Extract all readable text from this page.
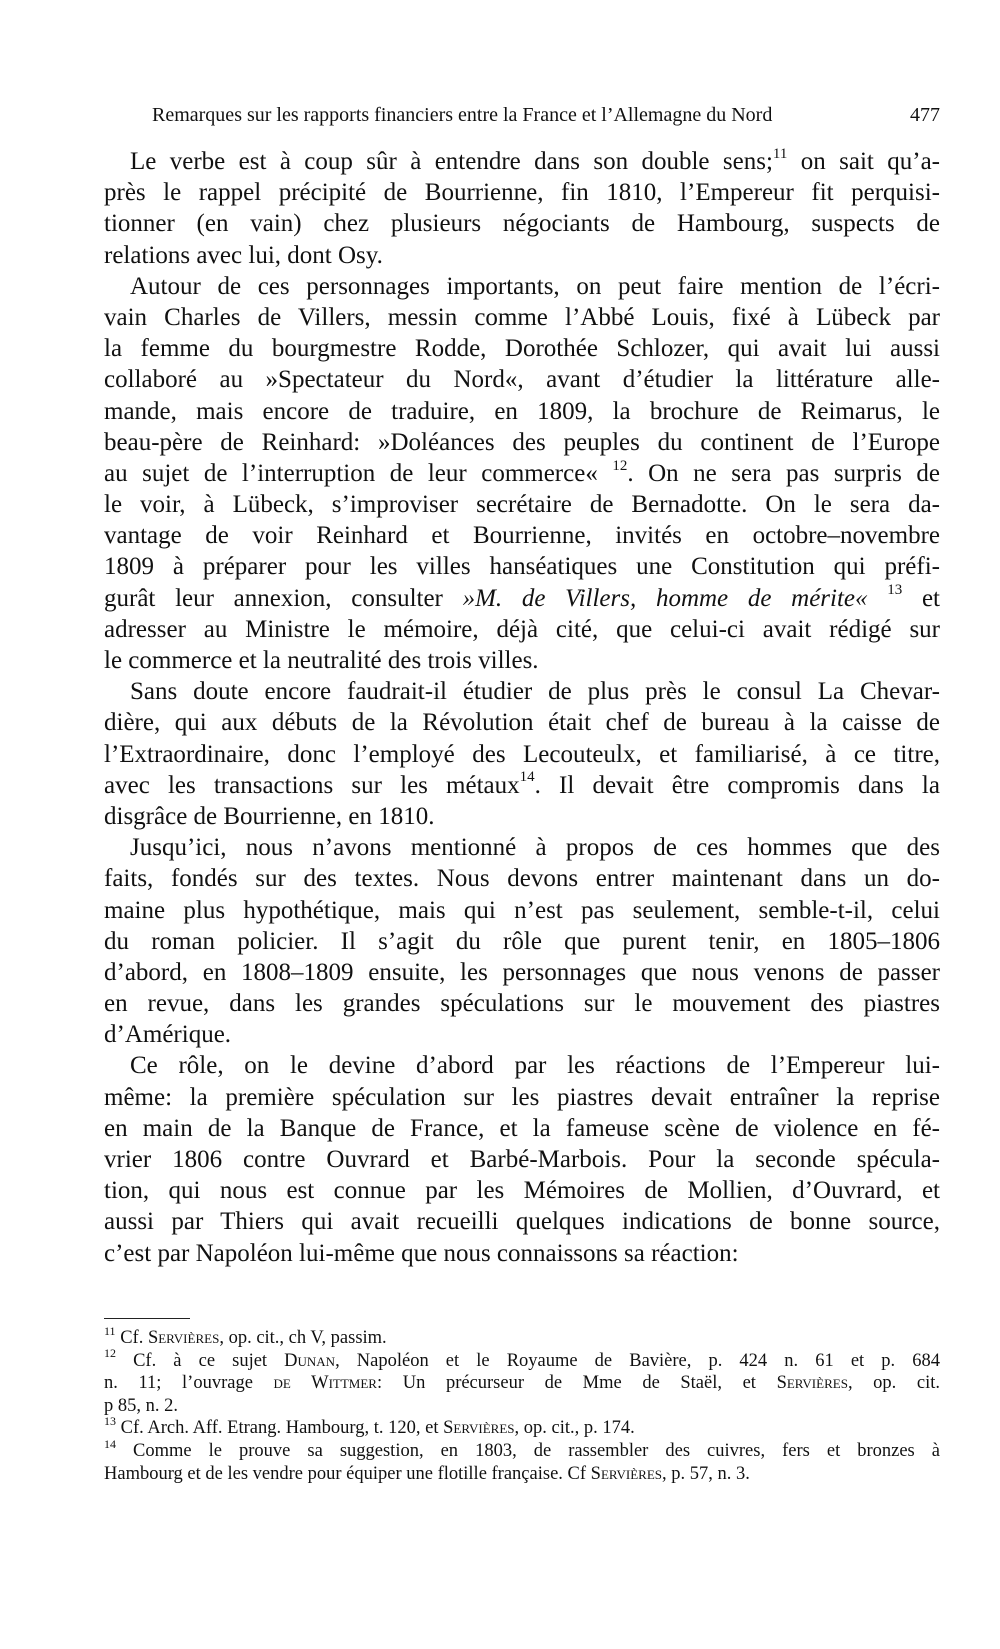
Remarques sur les rapports financiers entre la France et l’Allemagne du Nord	477
Le verbe est à coup sûr à entendre dans son double sens;$^{11}$ on sait qu’a-
près le rappel précipité de Bourrienne, fin 1810, l’Empereur fit perquisi-
tionner (en vain) chez plusieurs négociants de Hambourg, suspects de
relations avec lui, dont Osy.
Autour de ces personnages importants, on peut faire mention de l’écri-
vain Charles de Villers, messin comme l’Abbé Louis, fixé à Lübeck par
la femme du bourgmestre Rodde, Dorothée Schlozer, qui avait lui aussi
collaboré au »Spectateur du Nord«, avant d’étudier la littérature alle-
mande, mais encore de traduire, en 1809, la brochure de Reimarus, le
beau-père de Reinhard: »Doléances des peuples du continent de l’Europe
au sujet de l’interruption de leur commerce« $^{12}$. On ne sera pas surpris de
le voir, à Lübeck, s’improviser secrétaire de Bernadotte. On le sera da-
vantage de voir Reinhard et Bourrienne, invités en octobre–novembre
1809 à préparer pour les villes hanséatiques une Constitution qui préfi-
gurât leur annexion, consulter »M. de Villers, homme de mérite« $^{13}$ et
adresser au Ministre le mémoire, déjà cité, que celui-ci avait rédigé sur
le commerce et la neutralité des trois villes.
Sans doute encore faudrait-il étudier de plus près le consul La Chevar-
dière, qui aux débuts de la Révolution était chef de bureau à la caisse de
l’Extraordinaire, donc l’employé des Lecouteulx, et familiarisé, à ce titre,
avec les transactions sur les métaux$^{14}$. Il devait être compromis dans la
disgrâce de Bourrienne, en 1810.
Jusqu’ici, nous n’avons mentionné à propos de ces hommes que des
faits, fondés sur des textes. Nous devons entrer maintenant dans un do-
maine plus hypothétique, mais qui n’est pas seulement, semble-t-il, celui
du roman policier. Il s’agit du rôle que purent tenir, en 1805–1806
d’abord, en 1808–1809 ensuite, les personnages que nous venons de passer
en revue, dans les grandes spéculations sur le mouvement des piastres
d’Amérique.
Ce rôle, on le devine d’abord par les réactions de l’Empereur lui-
même: la première spéculation sur les piastres devait entraîner la reprise
en main de la Banque de France, et la fameuse scène de violence en fé-
vrier 1806 contre Ouvrard et Barbé-Marbois. Pour la seconde spécula-
tion, qui nous est connue par les Mémoires de Mollien, d’Ouvrard, et
aussi par Thiers qui avait recueilli quelques indications de bonne source,
c’est par Napoléon lui-même que nous connaissons sa réaction:
$^{11}$ Cf. Servières, op. cit., ch V, passim.
$^{12}$ Cf. à ce sujet Dunan, Napoléon et le Royaume de Bavière, p. 424 n. 61 et p. 684
n. 11; l’ouvrage de Wittmer: Un précurseur de Mme de Staël, et Servières, op. cit.
p 85, n. 2.
$^{13}$ Cf. Arch. Aff. Etrang. Hambourg, t. 120, et Servières, op. cit., p. 174.
$^{14}$ Comme le prouve sa suggestion, en 1803, de rassembler des cuivres, fers et bronzes à
Hambourg et de les vendre pour équiper une flotille française. Cf Servières, p. 57, n. 3.
